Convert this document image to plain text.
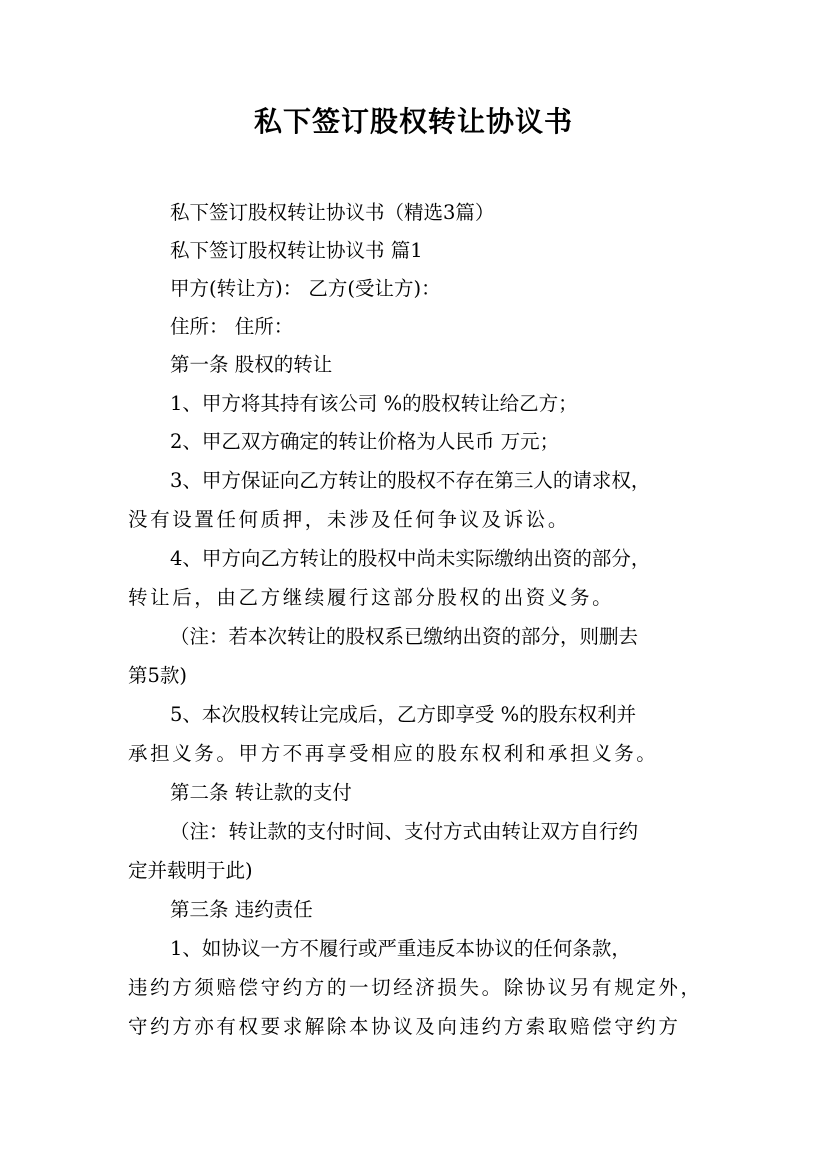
私下签订股权转让协议书
私下签订股权转让协议书（精选3篇）
私下签订股权转让协议书 篇1
甲方(转让方)： 乙方(受让方)：
住所： 住所：
第一条 股权的转让
1、甲方将其持有该公司 %的股权转让给乙方；
2、甲乙双方确定的转让价格为人民币 万元；
3、甲方保证向乙方转让的股权不存在第三人的请求权，
没有设置任何质押，未涉及任何争议及诉讼。
4、甲方向乙方转让的股权中尚未实际缴纳出资的部分，
转让后，由乙方继续履行这部分股权的出资义务。
（注：若本次转让的股权系已缴纳出资的部分，则删去
第5款)
5、本次股权转让完成后，乙方即享受 %的股东权利并
承担义务。甲方不再享受相应的股东权利和承担义务。
第二条 转让款的支付
（注：转让款的支付时间、支付方式由转让双方自行约
定并载明于此)
第三条 违约责任
1、如协议一方不履行或严重违反本协议的任何条款，
违约方须赔偿守约方的一切经济损失。除协议另有规定外，
守约方亦有权要求解除本协议及向违约方索取赔偿守约方
